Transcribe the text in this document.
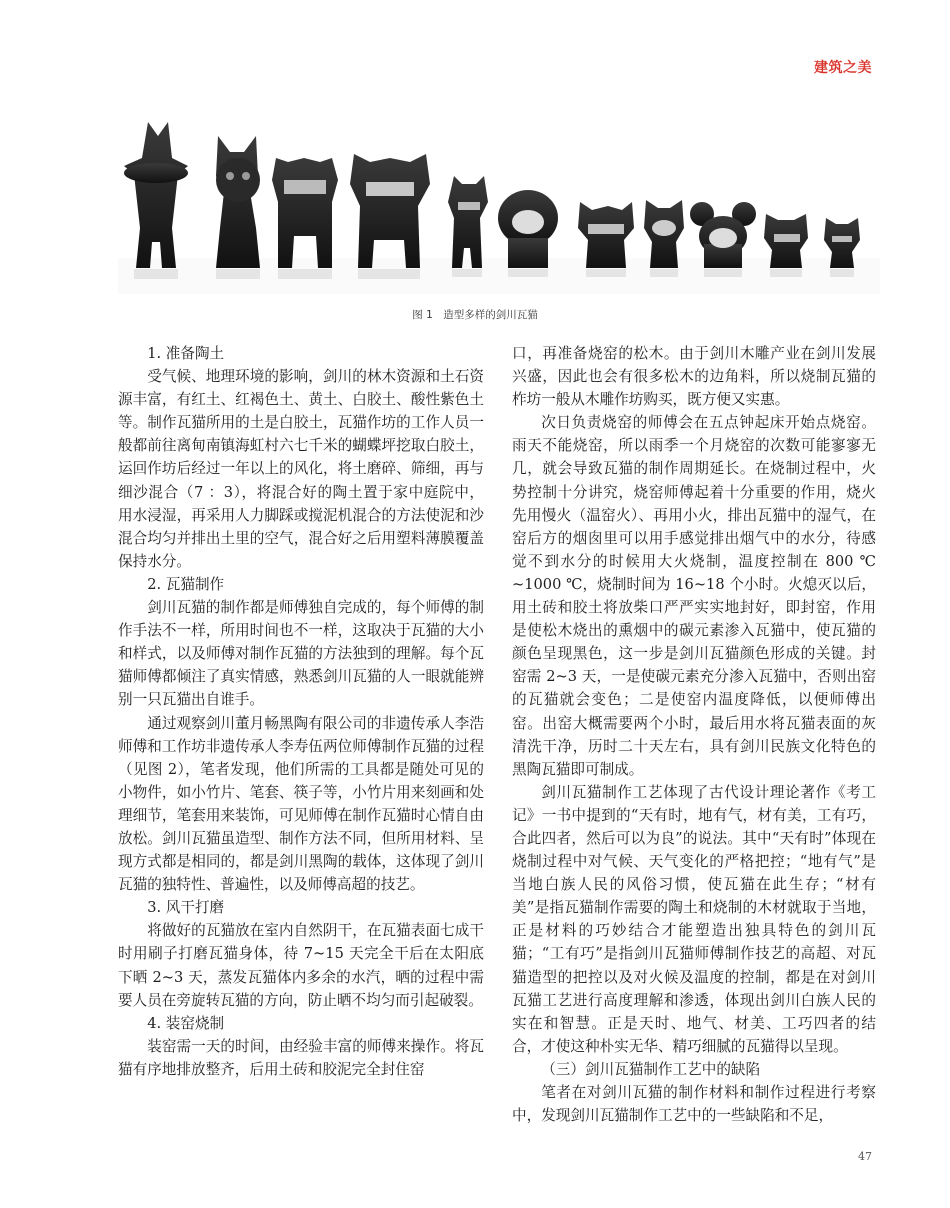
建筑之美
图 1　造型多样的剑川瓦猫

1. 准备陶土

受气候、地理环境的影响，剑川的林木资源和土石资源丰富，有红土、红褐色土、黄土、白胶土、酸性紫色土等。制作瓦猫所用的土是白胶土，瓦猫作坊的工作人员一般都前往离甸南镇海虹村六七千米的蝴蝶坪挖取白胶土，运回作坊后经过一年以上的风化，将土磨碎、筛细，再与细沙混合（7 ：3），将混合好的陶土置于家中庭院中，用水浸湿，再采用人力脚踩或搅泥机混合的方法使泥和沙混合均匀并排出土里的空气，混合好之后用塑料薄膜覆盖保持水分。

2. 瓦猫制作

剑川瓦猫的制作都是师傅独自完成的，每个师傅的制作手法不一样，所用时间也不一样，这取决于瓦猫的大小和样式，以及师傅对制作瓦猫的方法独到的理解。每个瓦猫师傅都倾注了真实情感，熟悉剑川瓦猫的人一眼就能辨别一只瓦猫出自谁手。

通过观察剑川董月畅黑陶有限公司的非遗传承人李浩师傅和工作坊非遗传承人李寿伍两位师傅制作瓦猫的过程（见图 2），笔者发现，他们所需的工具都是随处可见的小物件，如小竹片、笔套、筷子等，小竹片用来刻画和处理细节，笔套用来装饰，可见师傅在制作瓦猫时心情自由放松。剑川瓦猫虽造型、制作方法不同，但所用材料、呈现方式都是相同的，都是剑川黑陶的载体，这体现了剑川瓦猫的独特性、普遍性，以及师傅高超的技艺。

3. 风干打磨

将做好的瓦猫放在室内自然阴干，在瓦猫表面七成干时用刷子打磨瓦猫身体，待 7~15 天完全干后在太阳底下晒 2~3 天，蒸发瓦猫体内多余的水汽，晒的过程中需要人员在旁旋转瓦猫的方向，防止晒不均匀而引起破裂。

4. 装窑烧制

装窑需一天的时间，由经验丰富的师傅来操作。将瓦猫有序地排放整齐，后用土砖和胶泥完全封住窑

口，再准备烧窑的松木。由于剑川木雕产业在剑川发展兴盛，因此也会有很多松木的边角料，所以烧制瓦猫的柞坊一般从木雕作坊购买，既方便又实惠。

次日负责烧窑的师傅会在五点钟起床开始点烧窑。雨天不能烧窑，所以雨季一个月烧窑的次数可能寥寥无几，就会导致瓦猫的制作周期延长。在烧制过程中，火势控制十分讲究，烧窑师傅起着十分重要的作用，烧火先用慢火（温窑火）、再用小火，排出瓦猫中的湿气，在窑后方的烟囱里可以用手感觉排出烟气中的水分，待感觉不到水分的时候用大火烧制，温度控制在 800 ℃ ~1000 ℃，烧制时间为 16~18 个小时。火熄灭以后，用土砖和胶土将放柴口严严实实地封好，即封窑，作用是使松木烧出的熏烟中的碳元素渗入瓦猫中，使瓦猫的颜色呈现黑色，这一步是剑川瓦猫颜色形成的关键。封窑需 2~3 天，一是使碳元素充分渗入瓦猫中，否则出窑的瓦猫就会变色；二是使窑内温度降低，以便师傅出窑。出窑大概需要两个小时，最后用水将瓦猫表面的灰清洗干净，历时二十天左右，具有剑川民族文化特色的黑陶瓦猫即可制成。

剑川瓦猫制作工艺体现了古代设计理论著作《考工记》一书中提到的“天有时，地有气，材有美，工有巧，合此四者，然后可以为良”的说法。其中“天有时”体现在烧制过程中对气候、天气变化的严格把控；“地有气”是当地白族人民的风俗习惯，使瓦猫在此生存；“材有美”是指瓦猫制作需要的陶土和烧制的木材就取于当地，正是材料的巧妙结合才能塑造出独具特色的剑川瓦猫；“工有巧”是指剑川瓦猫师傅制作技艺的高超、对瓦猫造型的把控以及对火候及温度的控制，都是在对剑川瓦猫工艺进行高度理解和渗透，体现出剑川白族人民的实在和智慧。正是天时、地气、材美、工巧四者的结合，才使这种朴实无华、精巧细腻的瓦猫得以呈现。

（三）剑川瓦猫制作工艺中的缺陷

笔者在对剑川瓦猫的制作材料和制作过程进行考察中，发现剑川瓦猫制作工艺中的一些缺陷和不足，

47
